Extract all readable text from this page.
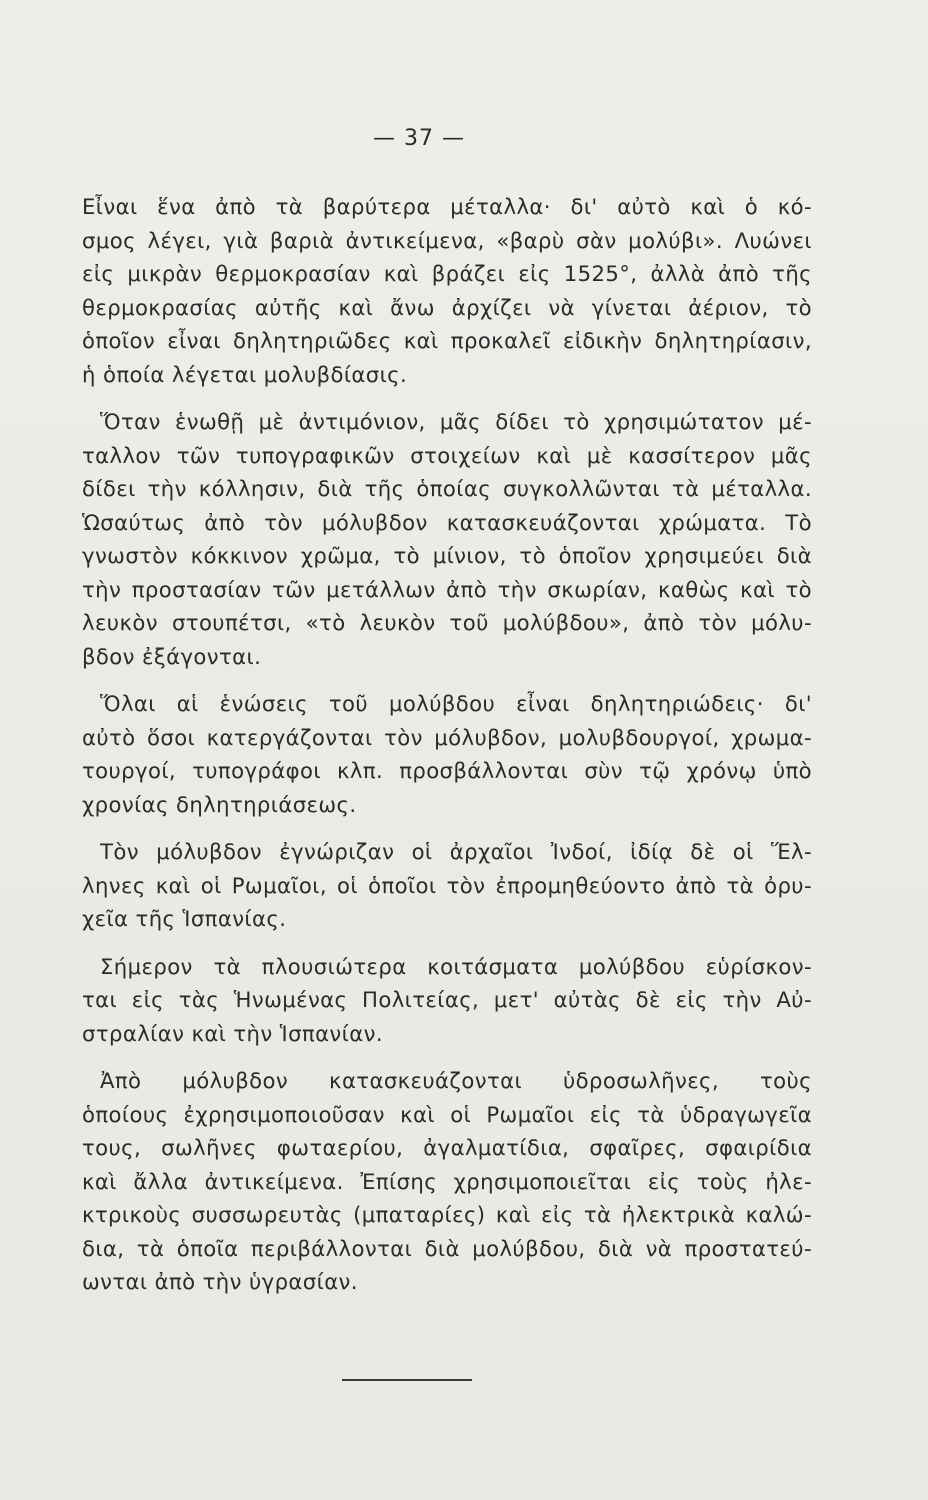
— 37 —
Εἶναι ἕνα ἀπὸ τὰ βαρύτερα μέταλλα· δι' αὐτὸ καὶ ὁ κό-
σμος λέγει, γιὰ βαριὰ ἀντικείμενα, «βαρὺ σὰν μολύβι». Λυώνει
εἰς μικρὰν θερμοκρασίαν καὶ βράζει εἰς 1525°, ἀλλὰ ἀπὸ τῆς
θερμοκρασίας αὐτῆς καὶ ἄνω ἀρχίζει νὰ γίνεται ἀέριον, τὸ
ὁποῖον εἶναι δηλητηριῶδες καὶ προκαλεῖ εἰδικὴν δηλητηρίασιν,
ἡ ὁποία λέγεται μολυβδίασις.
Ὅταν ἑνωθῇ μὲ ἀντιμόνιον, μᾶς δίδει τὸ χρησιμώτατον μέ-
ταλλον τῶν τυπογραφικῶν στοιχείων καὶ μὲ κασσίτερον μᾶς
δίδει τὴν κόλλησιν, διὰ τῆς ὁποίας συγκολλῶνται τὰ μέταλλα.
Ὡσαύτως ἀπὸ τὸν μόλυβδον κατασκευάζονται χρώματα. Τὸ
γνωστὸν κόκκινον χρῶμα, τὸ μίνιον, τὸ ὁποῖον χρησιμεύει διὰ
τὴν προστασίαν τῶν μετάλλων ἀπὸ τὴν σκωρίαν, καθὼς καὶ τὸ
λευκὸν στουπέτσι, «τὸ λευκὸν τοῦ μολύβδου», ἀπὸ τὸν μόλυ-
βδον ἐξάγονται.
Ὅλαι αἱ ἑνώσεις τοῦ μολύβδου εἶναι δηλητηριώδεις· δι'
αὐτὸ ὅσοι κατεργάζονται τὸν μόλυβδον, μολυβδουργοί, χρωμα-
τουργοί, τυπογράφοι κλπ. προσβάλλονται σὺν τῷ χρόνῳ ὑπὸ
χρονίας δηλητηριάσεως.
Τὸν μόλυβδον ἐγνώριζαν οἱ ἀρχαῖοι Ἰνδοί, ἰδίᾳ δὲ οἱ Ἕλ-
ληνες καὶ οἱ Ρωμαῖοι, οἱ ὁποῖοι τὸν ἐπρομηθεύοντο ἀπὸ τὰ ὀρυ-
χεῖα τῆς Ἱσπανίας.
Σήμερον τὰ πλουσιώτερα κοιτάσματα μολύβδου εὑρίσκον-
ται εἰς τὰς Ἡνωμένας Πολιτείας, μετ' αὐτὰς δὲ εἰς τὴν Αὐ-
στραλίαν καὶ τὴν Ἱσπανίαν.
Ἀπὸ μόλυβδον κατασκευάζονται ὑδροσωλῆνες, τοὺς
ὁποίους ἐχρησιμοποιοῦσαν καὶ οἱ Ρωμαῖοι εἰς τὰ ὑδραγωγεῖα
τους, σωλῆνες φωταερίου, ἀγαλματίδια, σφαῖρες, σφαιρίδια
καὶ ἄλλα ἀντικείμενα. Ἐπίσης χρησιμοποιεῖται εἰς τοὺς ἠλε-
κτρικοὺς συσσωρευτὰς (μπαταρίες) καὶ εἰς τὰ ἠλεκτρικὰ καλώ-
δια, τὰ ὁποῖα περιβάλλονται διὰ μολύβδου, διὰ νὰ προστατεύ-
ωνται ἀπὸ τὴν ὑγρασίαν.
